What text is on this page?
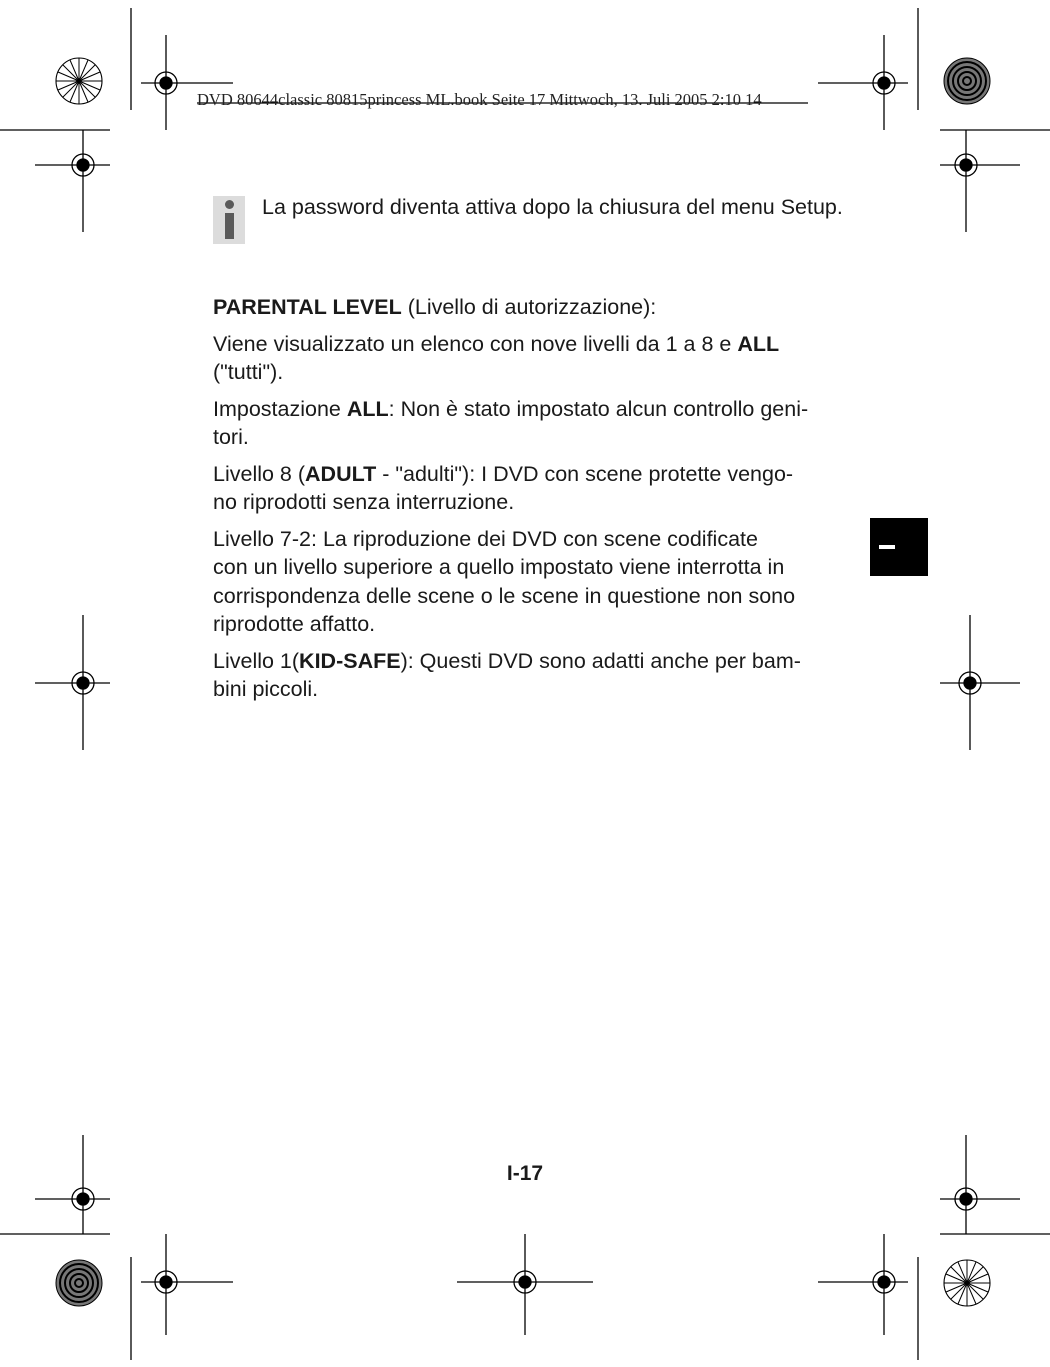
DVD 80644classic 80815princess ML.book Seite 17 Mittwoch, 13. Juli 2005 2:10 14
La password diventa attiva dopo la chiusura del menu Setup.

PARENTAL LEVEL (Livello di autorizzazione):

Viene visualizzato un elenco con nove livelli da 1 a 8 e ALL
("tutti").

Impostazione ALL: Non è stato impostato alcun controllo geni-
tori.

Livello 8 (ADULT - "adulti"): I DVD con scene protette vengo-
no riprodotti senza interruzione.

Livello 7-2: La riproduzione dei DVD con scene codificate
con un livello superiore a quello impostato viene interrotta in
corrispondenza delle scene o le scene in questione non sono
riprodotte affatto.

Livello 1(KID-SAFE): Questi DVD sono adatti anche per bam-
bini piccoli.

I-17
